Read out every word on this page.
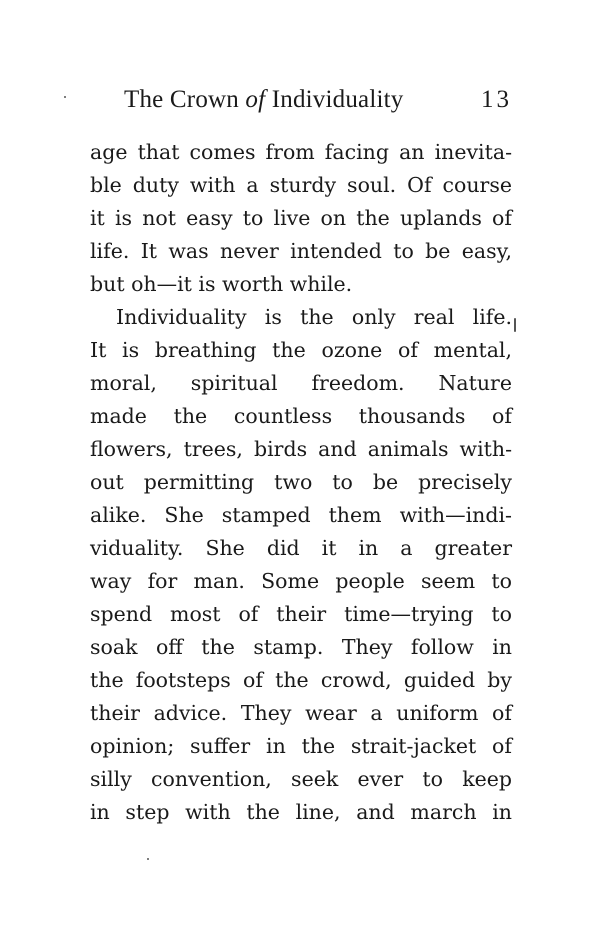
The Crown of Individuality	13
age that comes from facing an inevita-
ble duty with a sturdy soul. Of course
it is not easy to live on the uplands of
life. It was never intended to be easy,
but oh—it is worth while.
Individuality is the only real life.
It is breathing the ozone of mental,
moral, spiritual freedom. Nature
made the countless thousands of
flowers, trees, birds and animals with-
out permitting two to be precisely
alike. She stamped them with—indi-
viduality. She did it in a greater
way for man. Some people seem to
spend most of their time—trying to
soak off the stamp. They follow in
the footsteps of the crowd, guided by
their advice. They wear a uniform of
opinion; suffer in the strait-jacket of
silly convention, seek ever to keep
in step with the line, and march in
